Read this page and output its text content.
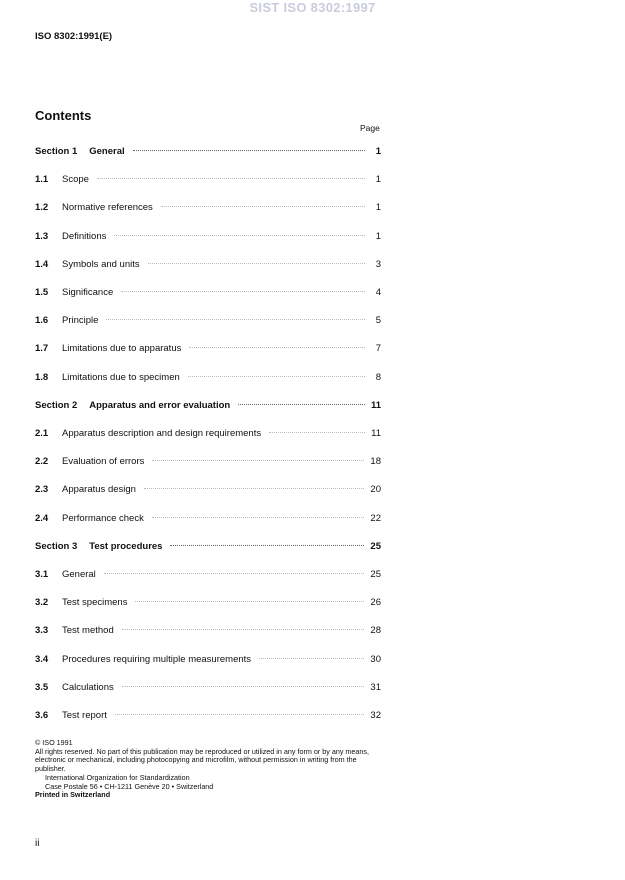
SIST ISO 8302:1997
ISO 8302:1991(E)
Contents
Page
Section 1 General	1
1.1	Scope	1
1.2	Normative references	1
1.3	Definitions	1
1.4	Symbols and units	3
1.5	Significance	4
1.6	Principle	5
1.7	Limitations due to apparatus	7
1.8	Limitations due to specimen	8
Section 2 Apparatus and error evaluation	11
2.1	Apparatus description and design requirements	11
2.2	Evaluation of errors	18
2.3	Apparatus design	20
2.4	Performance check	22
Section 3 Test procedures	25
3.1	General	25
3.2	Test specimens	26
3.3	Test method	28
3.4	Procedures requiring multiple measurements	30
3.5	Calculations	31
3.6	Test report	32
© ISO 1991
All rights reserved. No part of this publication may be reproduced or utilized in any form or by any means, electronic or mechanical, including photocopying and microfilm, without permission in writing from the publisher.
International Organization for Standardization
Case Postale 56 • CH-1211 Genève 20 • Switzerland
Printed in Switzerland
ii
